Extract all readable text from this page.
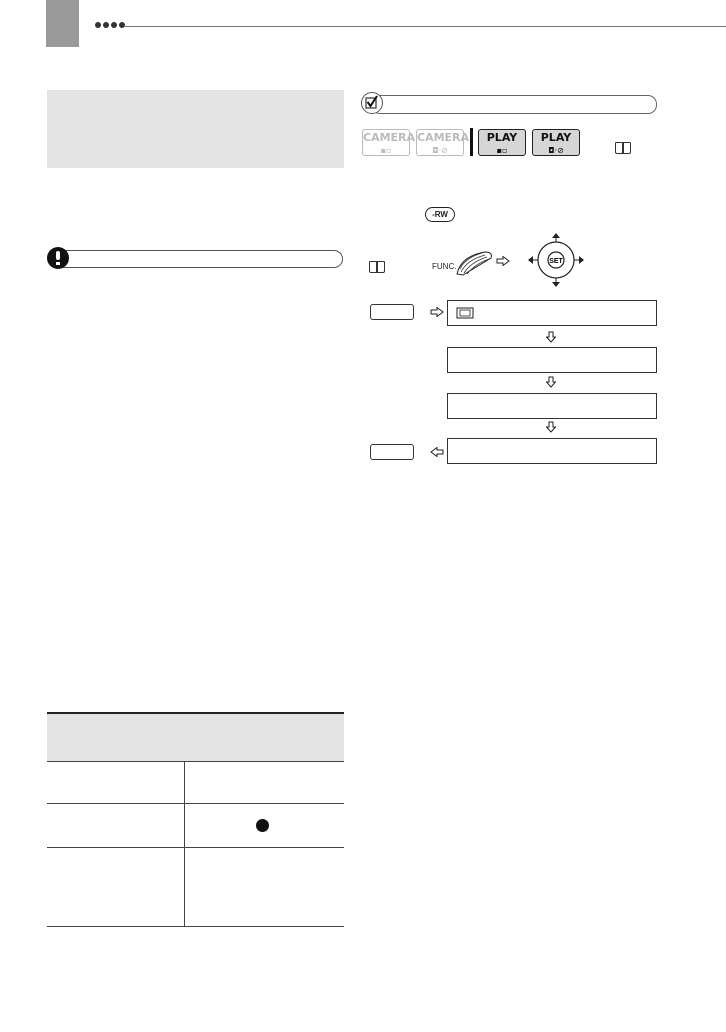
CAMERA
▪▫
CAMERA
◘·⊘
PLAY
▪▫
PLAY
◘·⊘
-RW
FUNC.
SET
